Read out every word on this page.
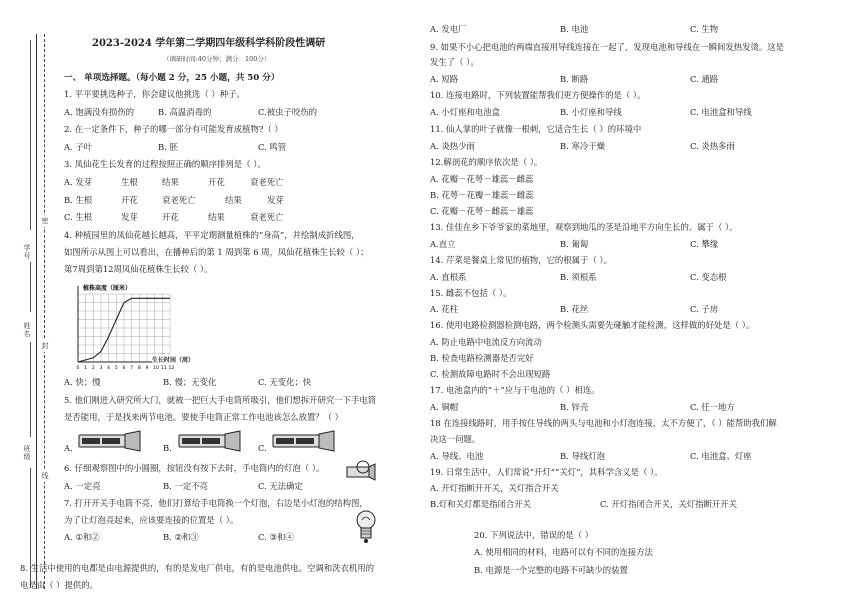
学号
姓名
班级
密
封
线
2023-2024 学年第二学期四年级科学科阶段性调研
（调研时间:40分钟；满分：100分）
一、 单项选择题。（每小题 2 分，25 小题，共 50 分）
1. 平平要挑选种子，你会建议他挑选（ ）种子。
A. 饱满没有损伤的	B. 高温消毒的	C.被虫子咬伤的
2. 在一定条件下，种子的哪一部分有可能发育成植物?（ ）
A. 子叶	B. 胚	C. 鸣管
3. 凤仙花生长发育的过程按照正确的顺序排列是（ ）。
A. 发芽	生根	结果	开花	衰老死亡
B. 生根	开花	衰老死亡	结果	发芽
C. 生根	发芽	开花	结果	衰老死亡
4. 种植园里的凤仙花越长越高，平平定期测量植株的“身高”，并绘制成折线图，
如图所示从图上可以看出，在播种后的第 1 周到第 6 周，凤仙花植株生长较（ ）；
第7周到第12周凤仙花植株生长较（ ）。
植株高度（厘米）
0 1 2 3 4 5 6 7 8 9 10 11 12
生长时间（周）
A. 快；慢	B. 慢；无变化	C. 无变化；快
5. 他们刚进入研究所大门，就被一把巨大手电筒所吸引，他们想拆开研究一下手电筒
是否能用，于是找来两节电池。要使手电筒正常工作电池该怎么放置？（ ）
A.	B.	C.
6. 仔细观察图中的小圆圈，按钮没有按下去时，手电筒内的灯泡（ ）。
A. 一定亮	B. 一定不亮	C. 无法确定
7. 打开开关手电筒不亮，他们打算给手电筒换一个灯泡，右边是小灯泡的结构图，
为了让灯泡亮起来，应该要连接的位置是（ ）。
A. ①和②	B. ②和③	C. ③和④
8. 生活中使用的电都是由电源提供的，有的是发电厂供电，有的是电池供电。空调和洗衣机用的
电是由（ ）提供的。
A. 发电厂	B. 电池	C. 生物
9. 如果不小心把电池的两端直接用导线连接在一起了，发现电池和导线在一瞬间发热发烫。这是
发生了（ ）。
A. 短路	B. 断路	C. 通路
10. 连接电路时，下列装置能帮我们更方便操作的是（ ）。
A. 小灯座和电池盒	B. 小灯座和导线	C. 电池盒和导线
11. 仙人掌的叶子就像一根刺，它适合生长（ ）的环境中
A. 炎热少雨	B. 寒冷干燥	C. 炎热多雨
12.解剖花的顺序依次是（ ）。
A. 花瓣－花萼－雄蕊－雌蕊
B. 花萼－花瓣－雄蕊－雌蕊
C. 花瓣－花萼－雌蕊－雄蕊
13. 佳佳在乡下爷爷家的菜地里，观察到地瓜的茎是沿地平方向生长的。属于（ ）。
A.直立	B. 匍匐	C. 攀缘
14. 芹菜是餐桌上常见的植物，它的根属于（ ）。
A. 直根系	B. 须根系	C. 变态根
15. 雌蕊不包括（ ）。
A. 花柱	B. 花丝	C. 子房
16. 使用电路检测器检测电路，两个检测头需要先碰触才能检测，这样做的好处是（ ）。
A. 防止电路中电流反方向流动
B. 检查电路检测器是否完好
C. 检测故障电路时不会出现短路
17. 电池盒内的“＋”应与干电池的（ ）相连。
A. 铜帽	B. 锌壳	C. 任一地方
18 在连接线路时，用手按住导线的两头与电池和小灯泡连接，太不方便了，（ ）能帮助我们解
决这一问题。
A. 导线、电池	B. 导线灯泡	C. 电池盒、灯座
19. 日常生活中，人们常说“开灯”“关灯”，其科学含义是（ ）。
A. 开灯指断开开关，关灯指合开关
B.灯和关灯都是指闭合开关	C. 开灯指闭合开关，关灯指断开开关
20. 下列说法中，错误的是（ ）
A. 使用相同的材料，电路可以有不同的连接方法
B. 电源是一个完整的电路不可缺少的装置
